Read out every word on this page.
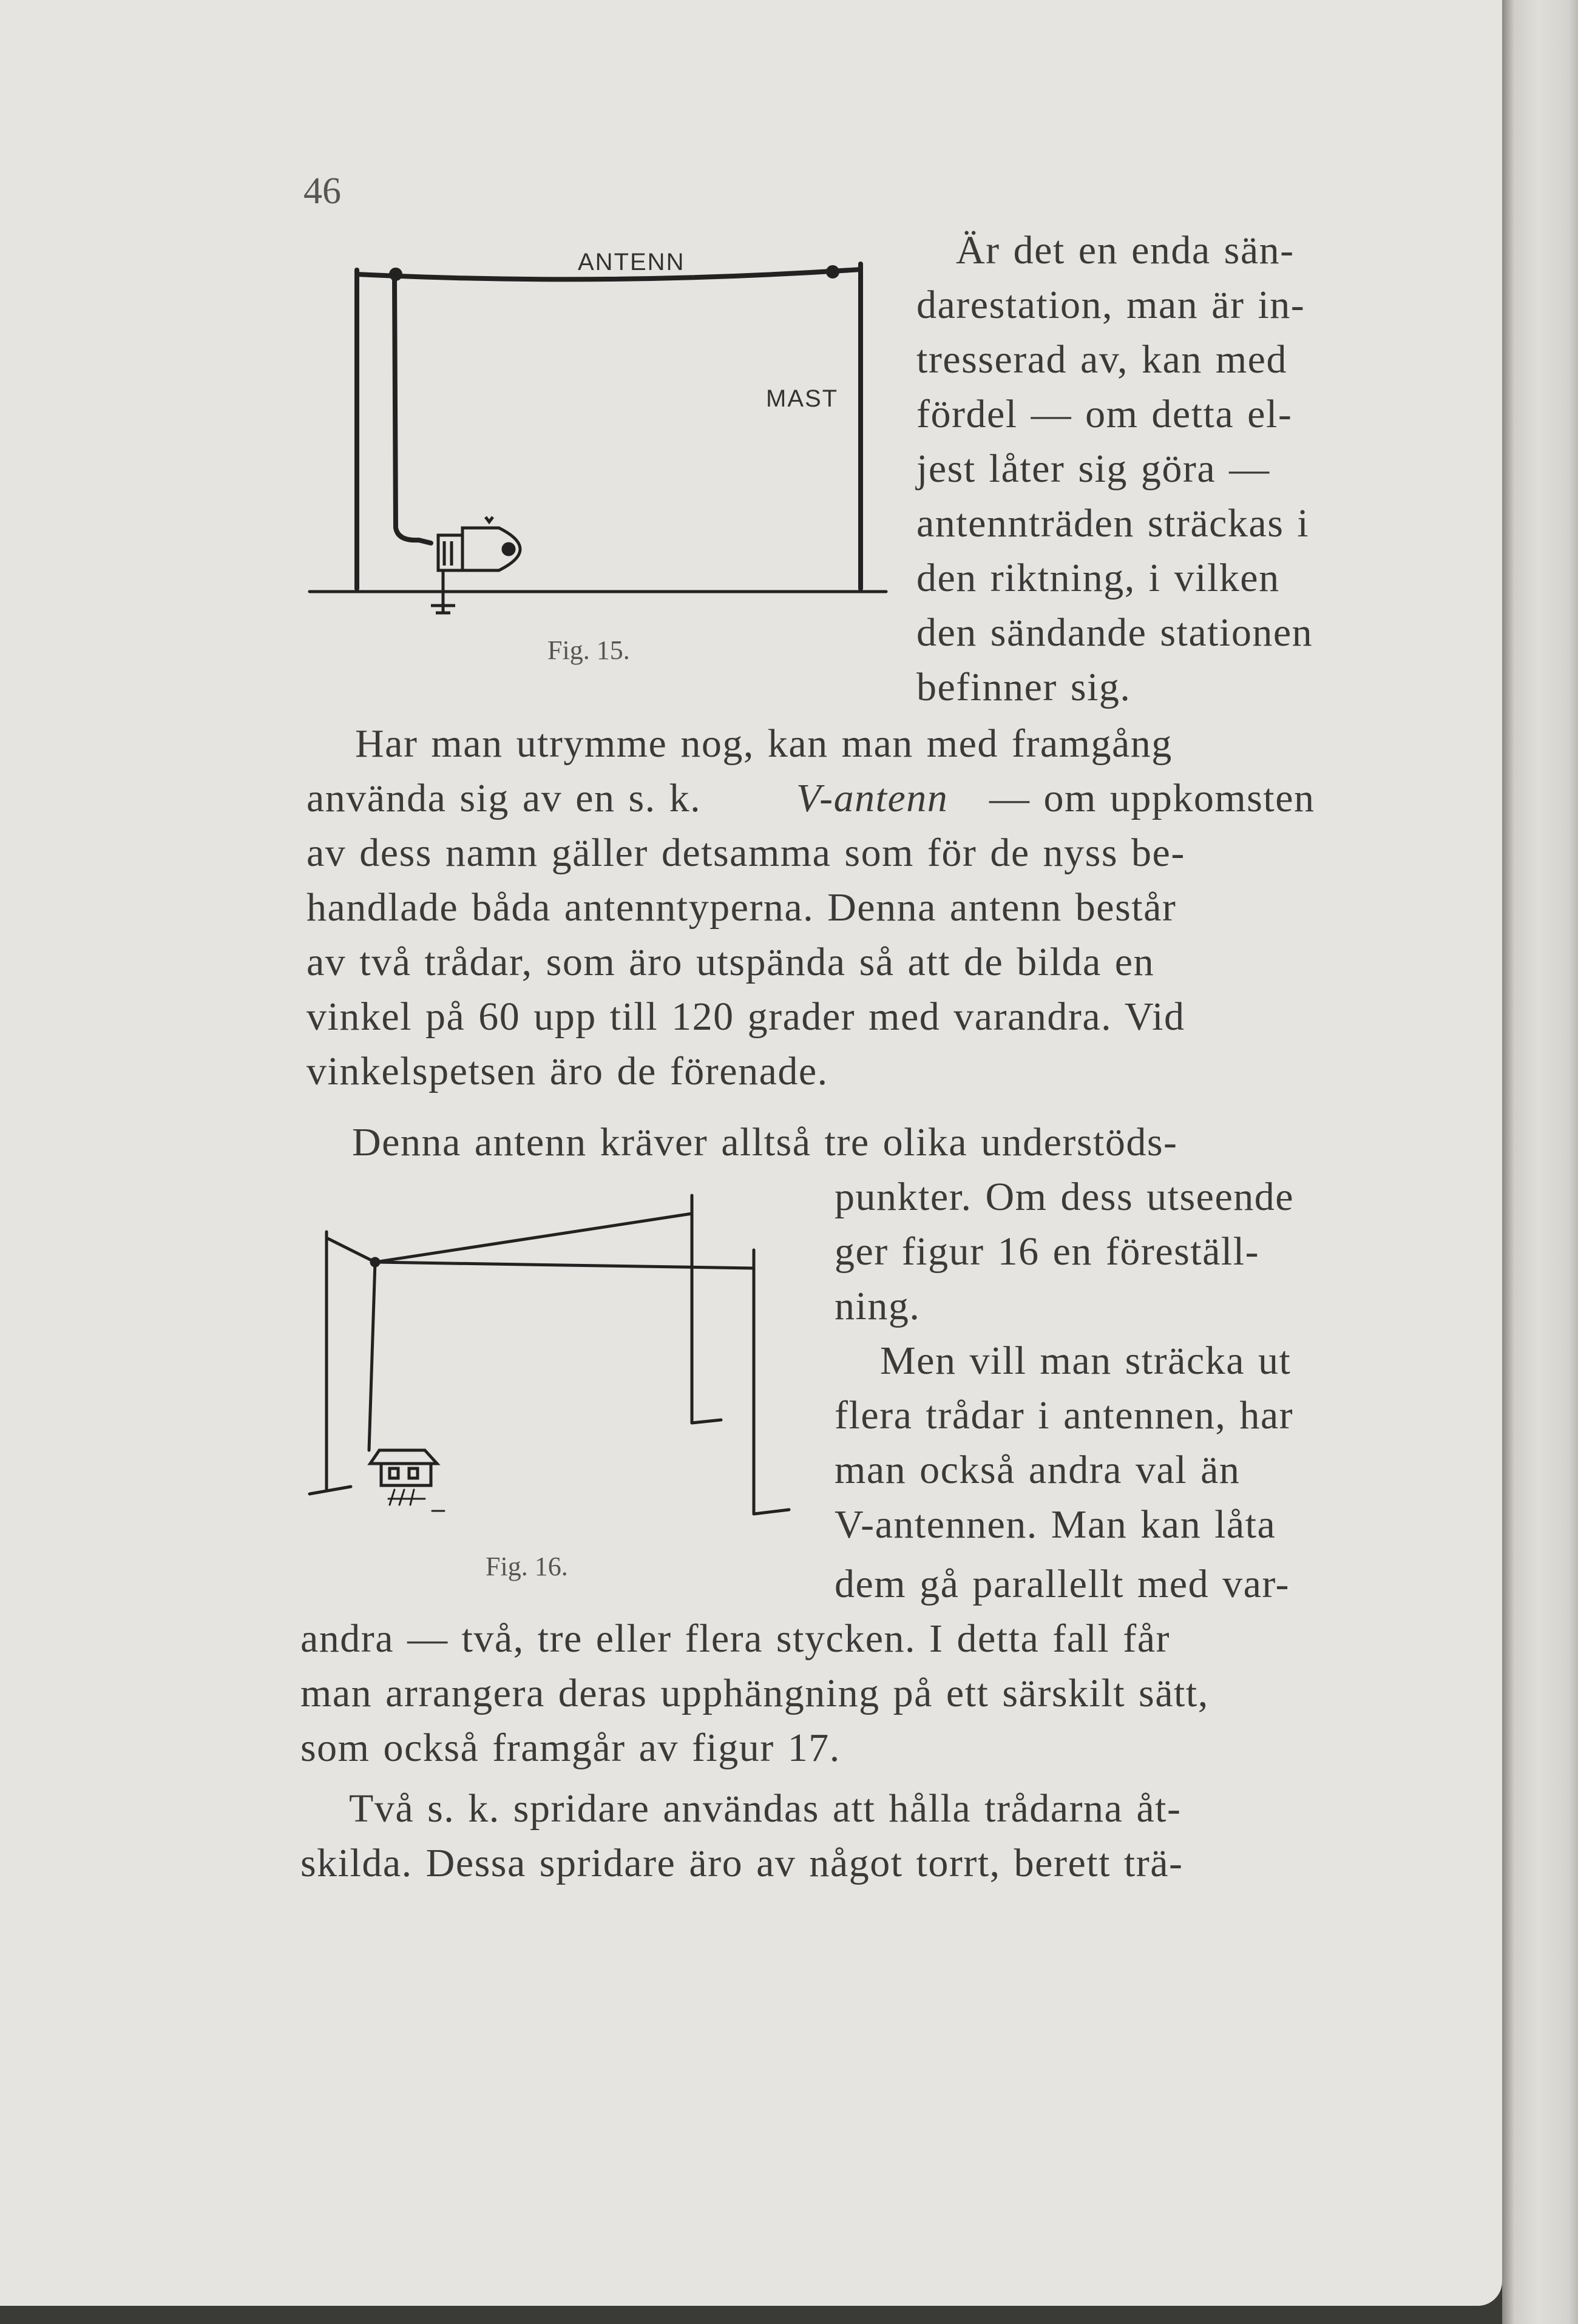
46
ANTENN
MAST
Fig. 15.
Fig. 16.
Är det en enda sän-
darestation, man är in-
tresserad av, kan med
fördel — om detta el-
jest låter sig göra —
antennträden sträckas i
den riktning, i vilken
den sändande stationen
befinner sig.
Har man utrymme nog, kan man med framgång
använda sig av en s. k. V-antenn — om uppkomsten
av dess namn gäller detsamma som för de nyss be-
handlade båda antenntyperna. Denna antenn består
av två trådar, som äro utspända så att de bilda en
vinkel på 60 upp till 120 grader med varandra. Vid
vinkelspetsen äro de förenade.
Denna antenn kräver alltså tre olika understöds-
punkter. Om dess utseende
ger figur 16 en föreställ-
ning.
Men vill man sträcka ut
flera trådar i antennen, har
man också andra val än
V-antennen. Man kan låta
dem gå parallellt med var-
andra — två, tre eller flera stycken. I detta fall får
man arrangera deras upphängning på ett särskilt sätt,
som också framgår av figur 17.
Två s. k. spridare användas att hålla trådarna åt-
skilda. Dessa spridare äro av något torrt, berett trä-
